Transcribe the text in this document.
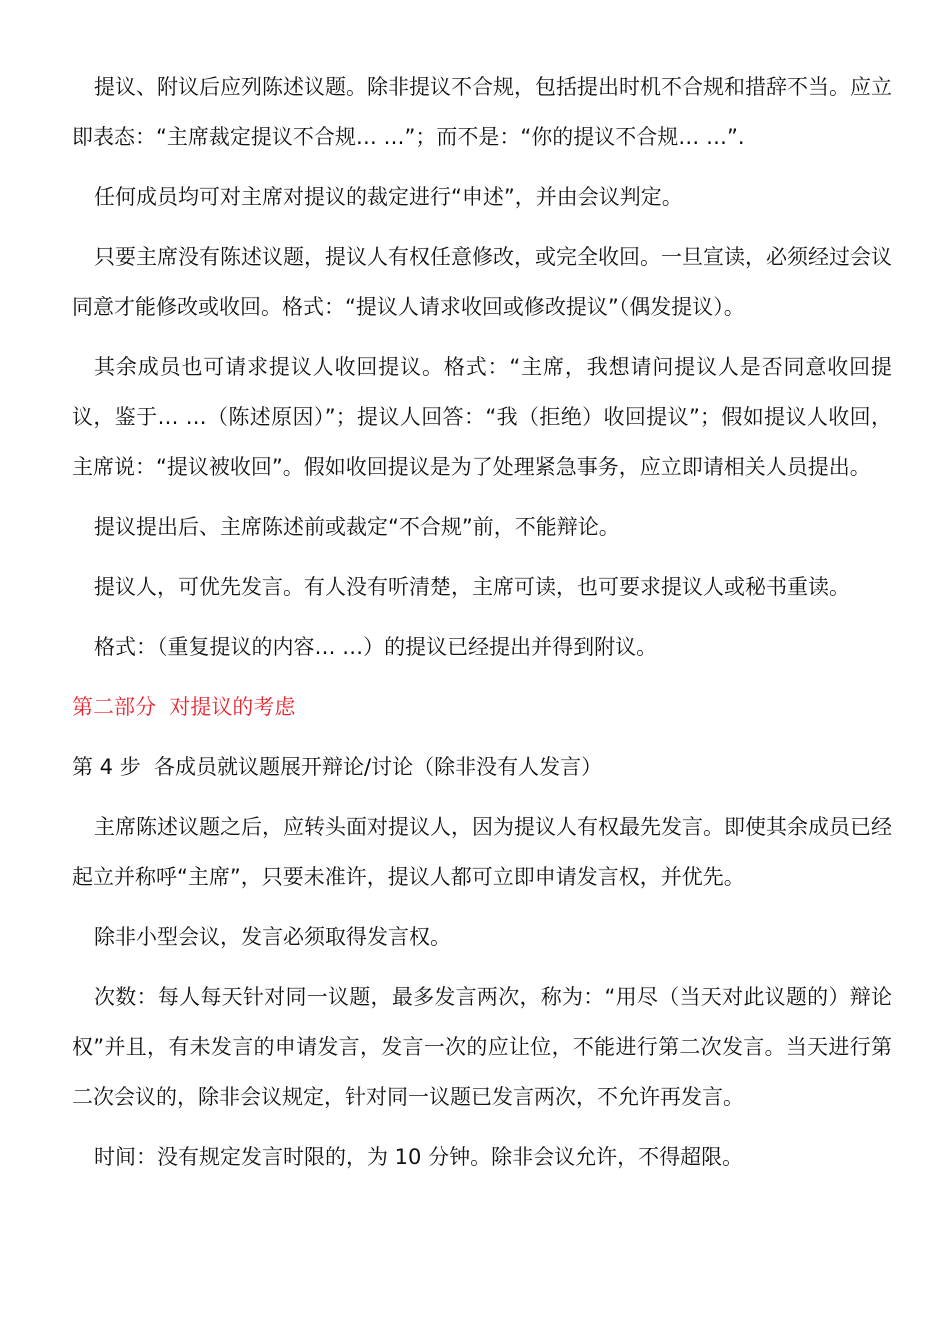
提议、附议后应列陈述议题。除非提议不合规，包括提出时机不合规和措辞不当。应立即表态：“主席裁定提议不合规… …”；而不是：“你的提议不合规… …”.

任何成员均可对主席对提议的裁定进行“申述”，并由会议判定。

只要主席没有陈述议题，提议人有权任意修改，或完全收回。一旦宣读，必须经过会议同意才能修改或收回。格式：“提议人请求收回或修改提议”（偶发提议）。

其余成员也可请求提议人收回提议。格式：“主席，我想请问提议人是否同意收回提议，鉴于… …（陈述原因）”；提议人回答：“我（拒绝）收回提议”；假如提议人收回，主席说：“提议被收回”。假如收回提议是为了处理紧急事务，应立即请相关人员提出。

提议提出后、主席陈述前或裁定“不合规”前，不能辩论。

提议人，可优先发言。有人没有听清楚，主席可读，也可要求提议人或秘书重读。

格式：（重复提议的内容… …）的提议已经提出并得到附议。

第二部分  对提议的考虑

第 4 步  各成员就议题展开辩论/讨论（除非没有人发言）

主席陈述议题之后，应转头面对提议人，因为提议人有权最先发言。即使其余成员已经起立并称呼“主席”，只要未准许，提议人都可立即申请发言权，并优先。

除非小型会议，发言必须取得发言权。

次数：每人每天针对同一议题，最多发言两次，称为：“用尽（当天对此议题的）辩论权”并且，有未发言的申请发言，发言一次的应让位，不能进行第二次发言。当天进行第二次会议的，除非会议规定，针对同一议题已发言两次，不允许再发言。

时间：没有规定发言时限的，为 10 分钟。除非会议允许，不得超限。
